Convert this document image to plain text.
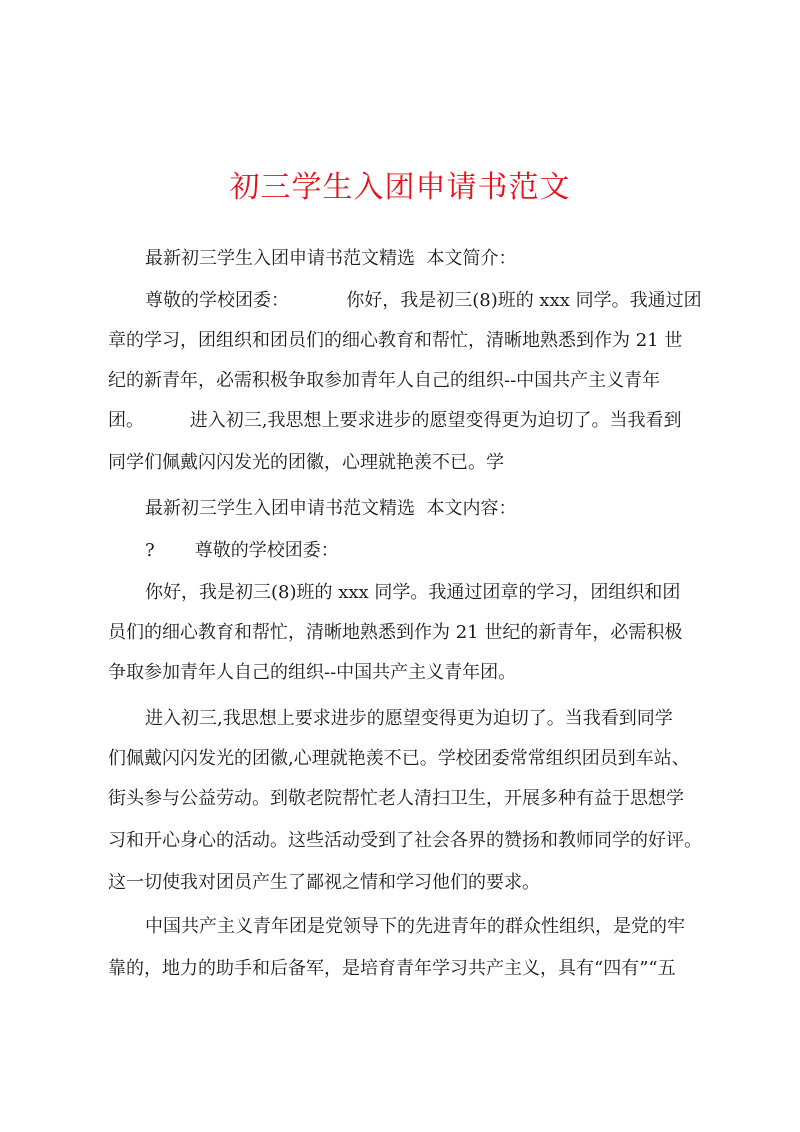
初三学生入团申请书范文
最新初三学生入团申请书范文精选  本文简介：
尊敬的学校团委：          你好，我是初三(8)班的 xxx 同学。我通过团
章的学习，团组织和团员们的细心教育和帮忙，清晰地熟悉到作为 21 世
纪的新青年，必需积极争取参加青年人自己的组织--中国共产主义青年
团。        进入初三,我思想上要求进步的愿望变得更为迫切了。当我看到
同学们佩戴闪闪发光的团徽，心理就艳羡不已。学
最新初三学生入团申请书范文精选  本文内容：
?       尊敬的学校团委：
你好，我是初三(8)班的 xxx 同学。我通过团章的学习，团组织和团
员们的细心教育和帮忙，清晰地熟悉到作为 21 世纪的新青年，必需积极
争取参加青年人自己的组织--中国共产主义青年团。
进入初三,我思想上要求进步的愿望变得更为迫切了。当我看到同学
们佩戴闪闪发光的团徽,心理就艳羡不已。学校团委常常组织团员到车站、
街头参与公益劳动。到敬老院帮忙老人清扫卫生，开展多种有益于思想学
习和开心身心的活动。这些活动受到了社会各界的赞扬和教师同学的好评。
这一切使我对团员产生了鄙视之情和学习他们的要求。
中国共产主义青年团是党领导下的先进青年的群众性组织，是党的牢
靠的，地力的助手和后备军，是培育青年学习共产主义，具有“四有”“五
